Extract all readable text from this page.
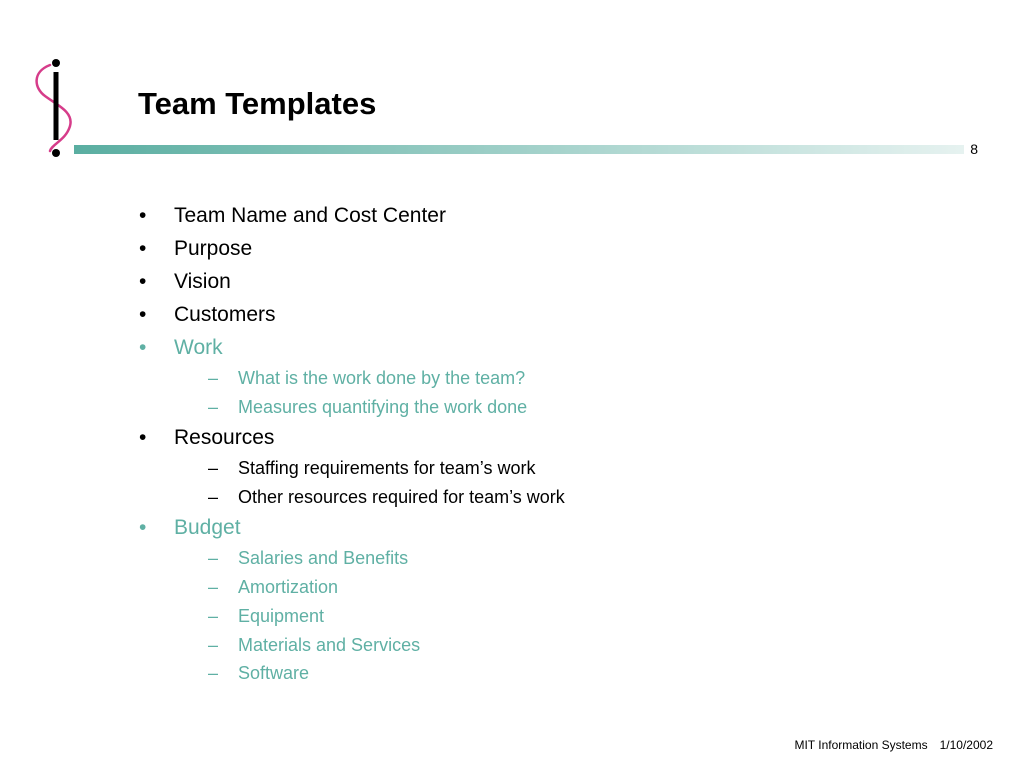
Team Templates
8
• Team Name and Cost Center
• Purpose
• Vision
• Customers
• Work
– What is the work done by the team?
– Measures quantifying the work done
• Resources
– Staffing requirements for team’s work
– Other resources required for team’s work
• Budget
– Salaries and Benefits
– Amortization
– Equipment
– Materials and Services
– Software
MIT Information Systems 1/10/2002
